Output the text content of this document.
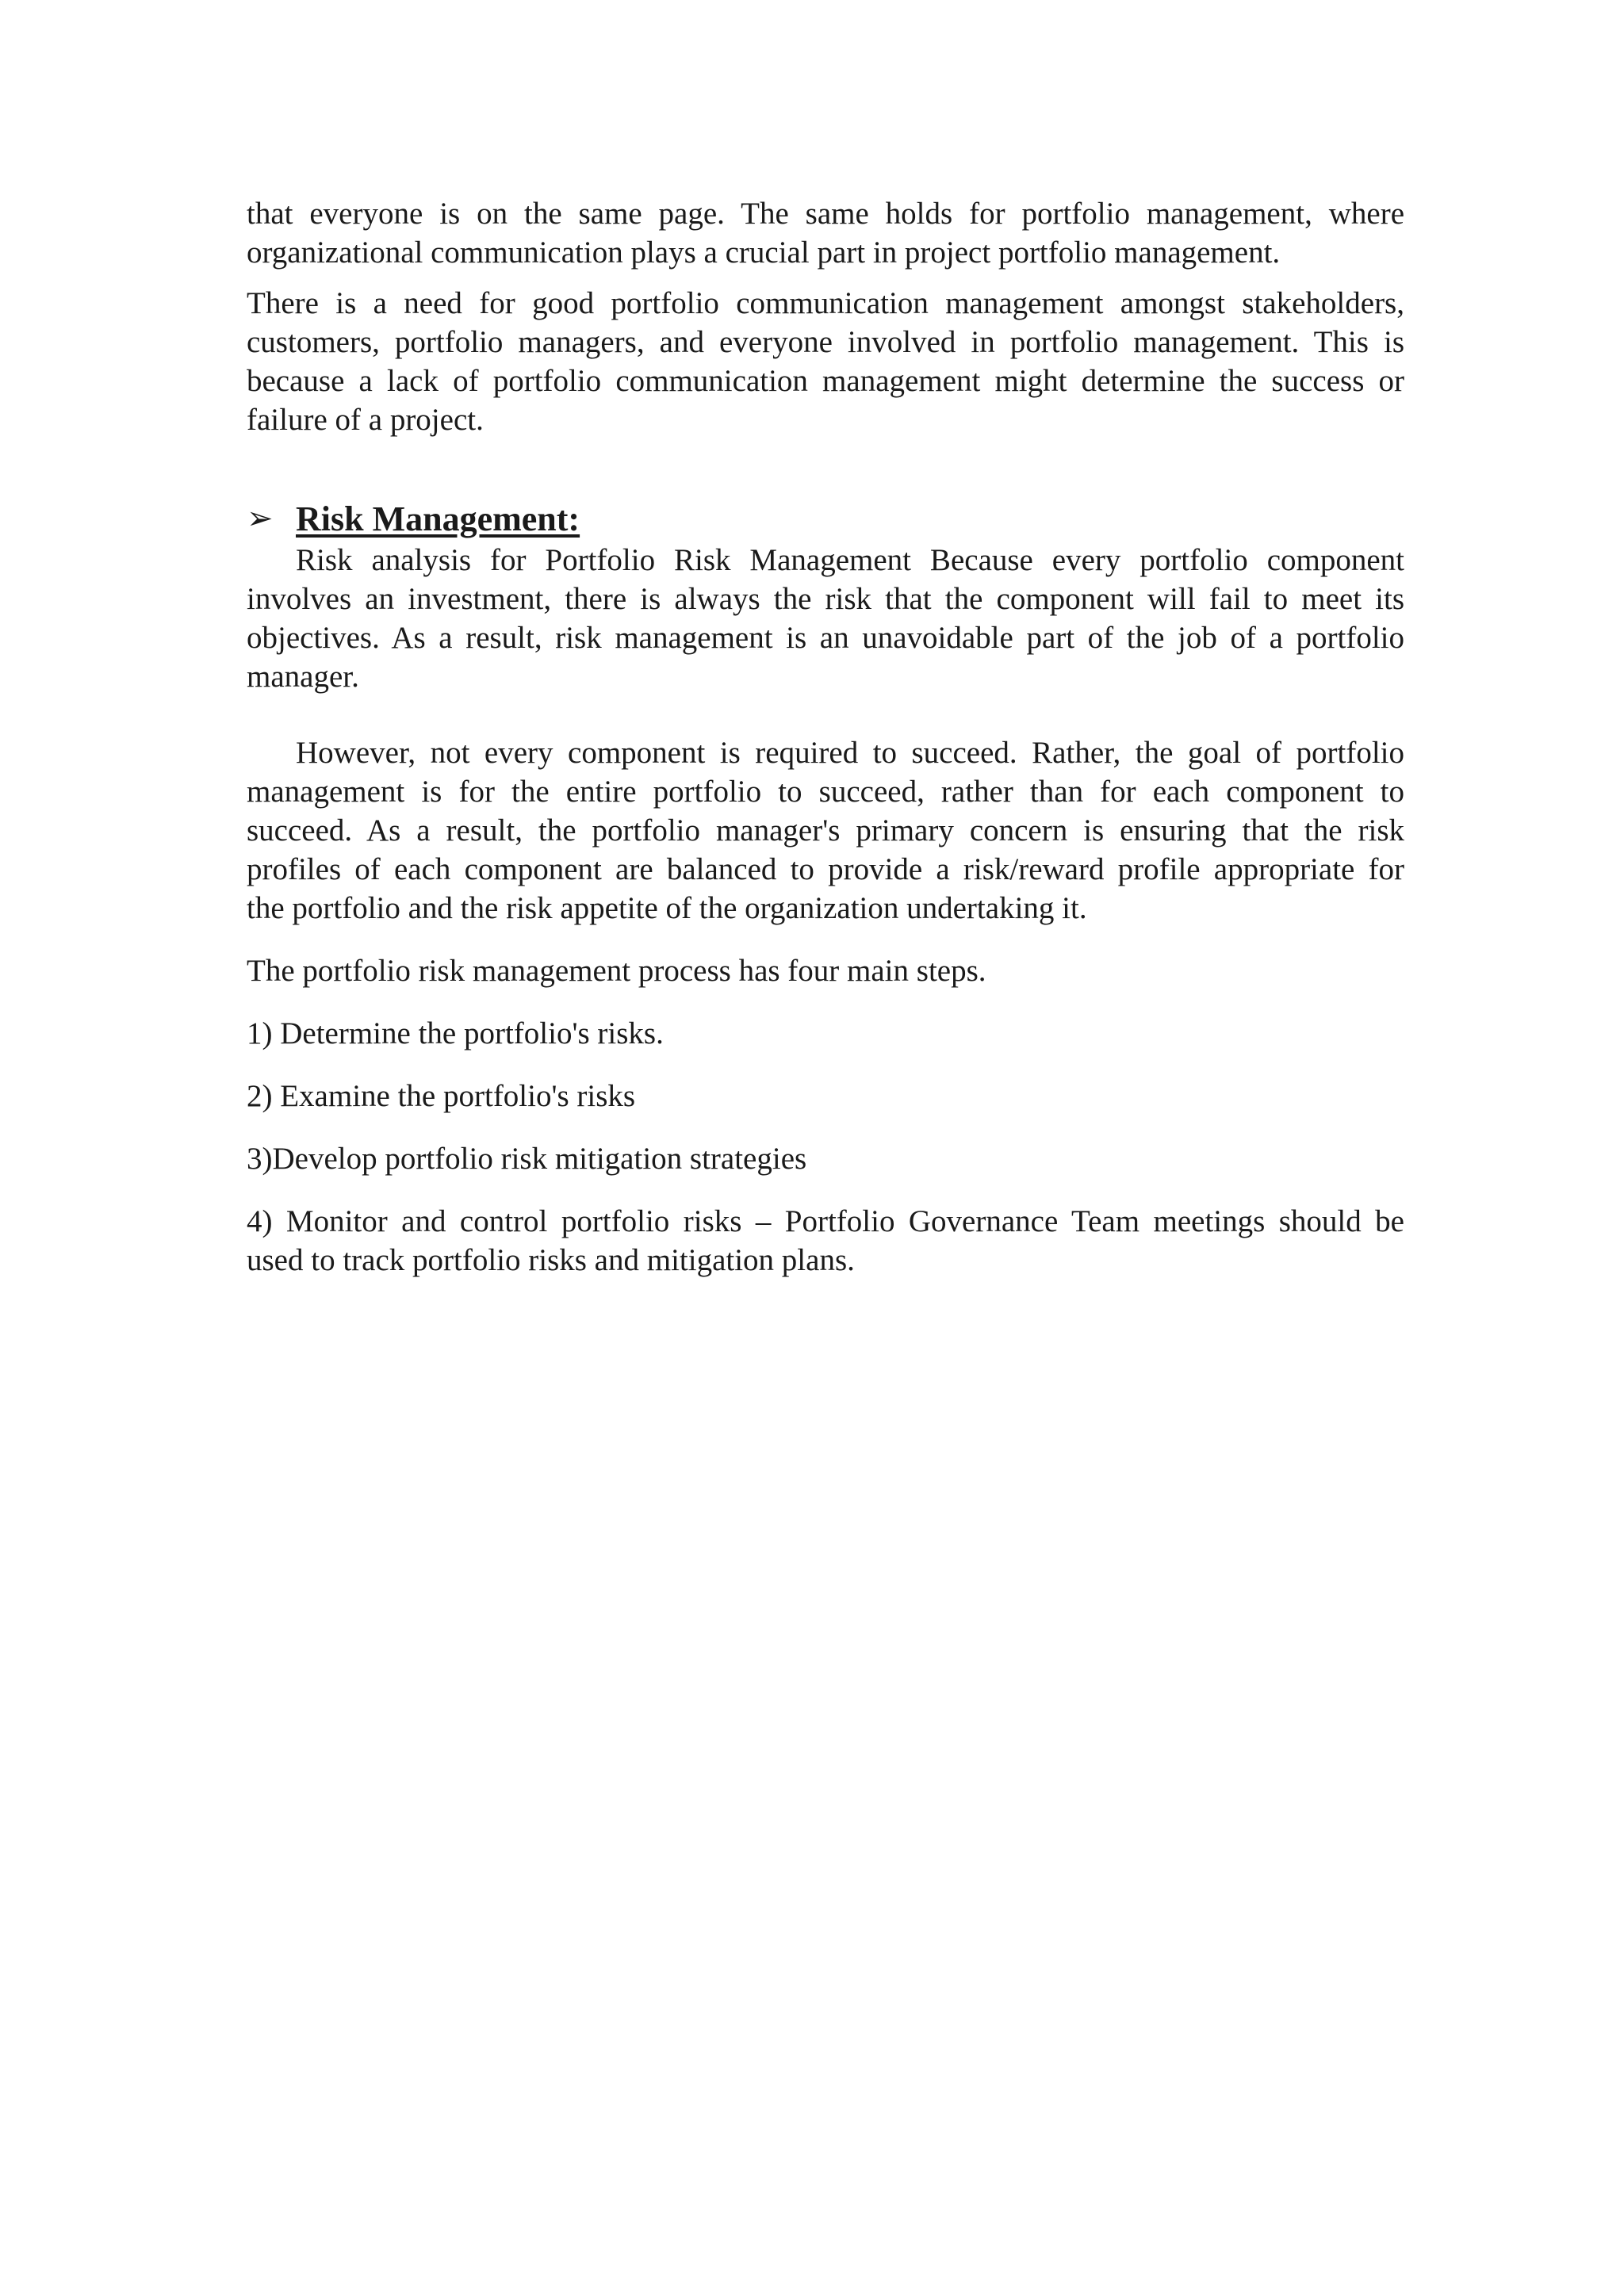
that everyone is on the same page. The same holds for portfolio management, where
organizational communication plays a crucial part in project portfolio management.
There is a need for good portfolio communication management amongst stakeholders,
customers, portfolio managers, and everyone involved in portfolio management. This is
because a lack of portfolio communication management might determine the success or
failure of a project.
➢ Risk Management:
Risk analysis for Portfolio Risk Management Because every portfolio component
involves an investment, there is always the risk that the component will fail to meet its
objectives. As a result, risk management is an unavoidable part of the job of a portfolio
manager.
However, not every component is required to succeed. Rather, the goal of portfolio
management is for the entire portfolio to succeed, rather than for each component to
succeed. As a result, the portfolio manager's primary concern is ensuring that the risk
profiles of each component are balanced to provide a risk/reward profile appropriate for
the portfolio and the risk appetite of the organization undertaking it.

The portfolio risk management process has four main steps.

1) Determine the portfolio's risks.

2) Examine the portfolio's risks

3)Develop portfolio risk mitigation strategies

4) Monitor and control portfolio risks – Portfolio Governance Team meetings should be
used to track portfolio risks and mitigation plans.
